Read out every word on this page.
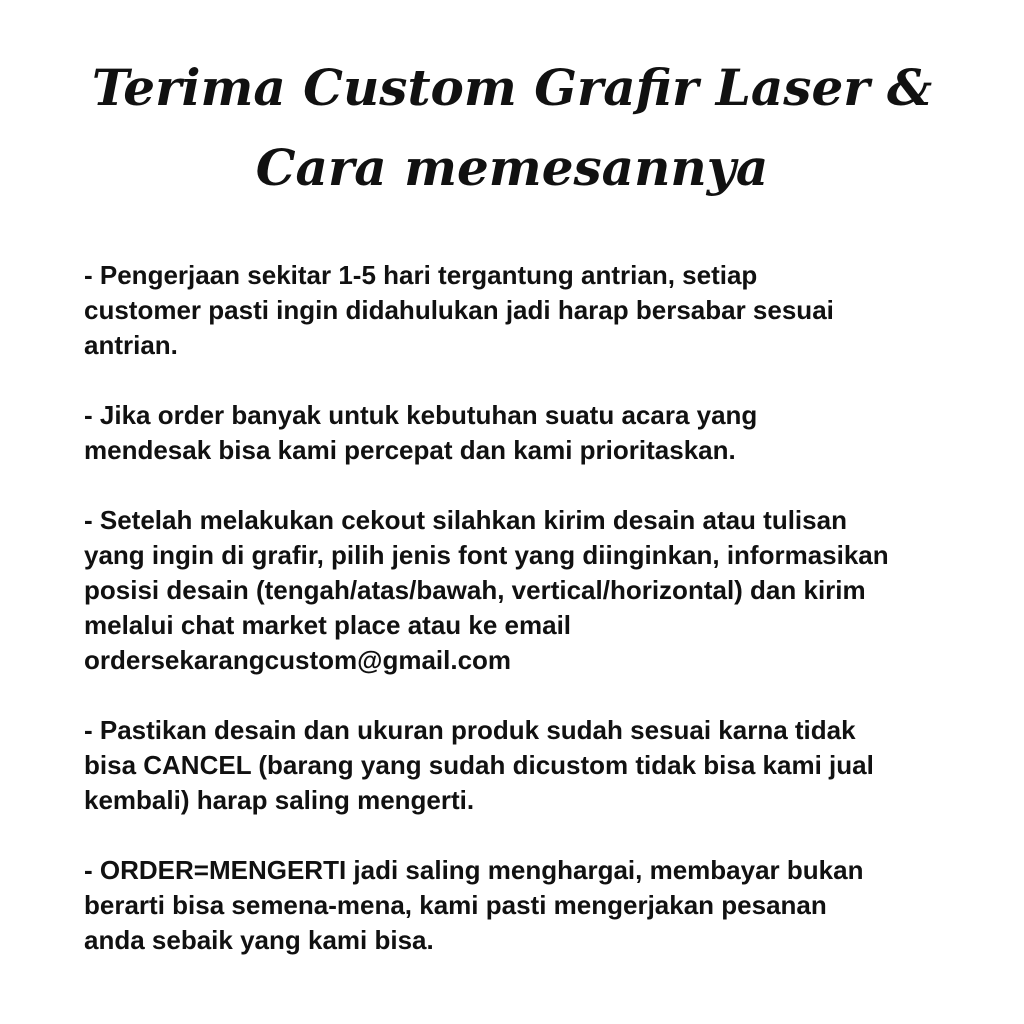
Terima Custom Grafir Laser &
Cara memesannya

- Pengerjaan sekitar 1-5 hari tergantung antrian, setiap
customer pasti ingin didahulukan jadi harap bersabar sesuai
antrian.

- Jika order banyak untuk kebutuhan suatu acara yang
mendesak bisa kami percepat dan kami prioritaskan.

- Setelah melakukan cekout silahkan kirim desain atau tulisan
yang ingin di grafir, pilih jenis font yang diinginkan, informasikan
posisi desain (tengah/atas/bawah, vertical/horizontal) dan kirim
melalui chat market place atau ke email
ordersekarangcustom@gmail.com

- Pastikan desain dan ukuran produk sudah sesuai karna tidak
bisa CANCEL (barang yang sudah dicustom tidak bisa kami jual
kembali) harap saling mengerti.

- ORDER=MENGERTI jadi saling menghargai, membayar bukan
berarti bisa semena-mena, kami pasti mengerjakan pesanan
anda sebaik yang kami bisa.
